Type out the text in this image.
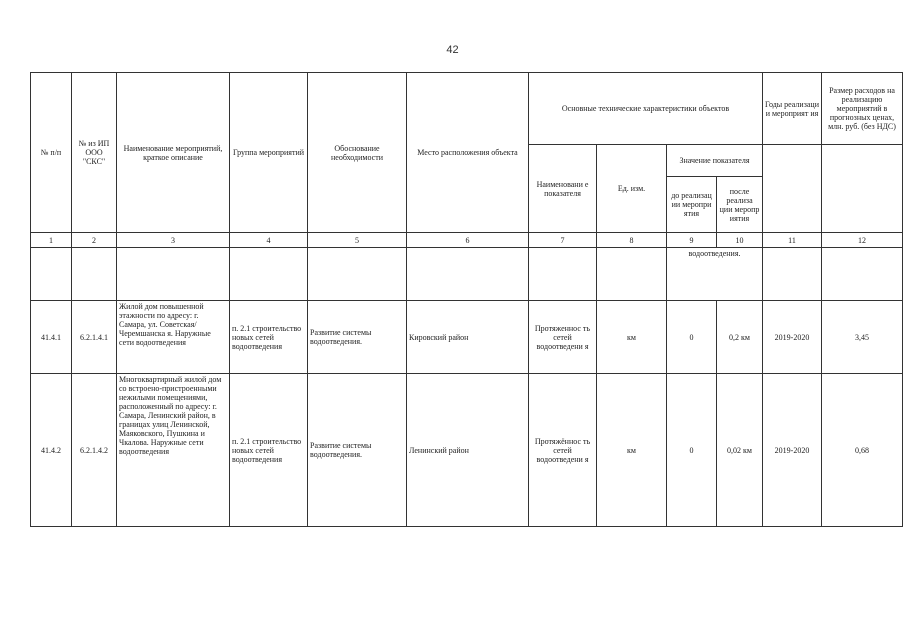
42
№ п/п	№ из ИП ООО "СКС"	Наименование мероприятий, краткое описание	Группа мероприятий	Обоснование необходимости	Место расположения объекта	Основные технические характеристики объектов				Годы реализаци и мероприят ия	Размер расходов на реализацию мероприятий в прогнозных ценах, млн. руб. (без НДС)
						Наименовани е показателя	Ед. изм.	Значение показателя			
								до реализац ии меропри ятия	после реализа ции меропр иятия		
1	2	3	4	5	6	7	8	9	10	11	12
								водоотведения.			
41.4.1	6.2.1.4.1	Жилой дом повышенной этажности по адресу: г. Самара, ул. Советская/Черемшанска я. Наружные сети водоотведения	п. 2.1 строительство новых сетей водоотведения	Развитие системы водоотведения.	Кировский район	Протяженнос ть сетей водоотведени я	км	0	0,2 км	2019-2020	3,45
41.4.2	6.2.1.4.2	Многоквартирный жилой дом со встроено-пристроенными нежилыми помещениями, расположенный по адресу: г. Самара, Ленинский район, в границах улиц Ленинской, Маяковского, Пушкина и Чкалова. Наружные сети водоотведения	п. 2.1 строительство новых сетей водоотведения	Развитие системы водоотведения.	Ленинский район	Протяжённос ть сетей водоотведени я	км	0	0,02 км	2019-2020	0,68
